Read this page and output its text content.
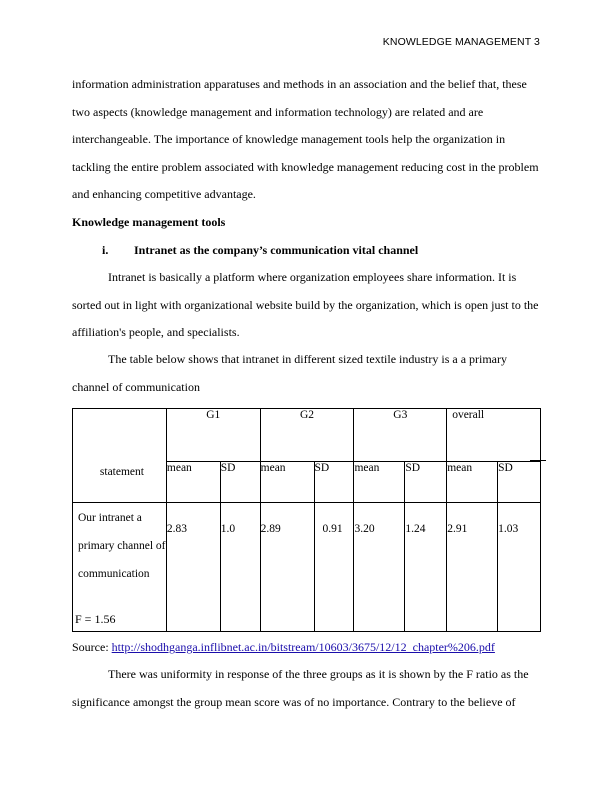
KNOWLEDGE MANAGEMENT 3
information administration apparatuses and methods in an association and the belief that, these two aspects (knowledge management and information technology) are related and are interchangeable. The importance of knowledge management tools help the organization in tackling the entire problem associated with knowledge management reducing cost in the problem and enhancing competitive advantage.
Knowledge management tools
i. Intranet as the company’s communication vital channel
Intranet is basically a platform where organization employees share information. It is sorted out in light with organizational website build by the organization, which is open just to the affiliation's people, and specialists.
The table below shows that intranet in different sized textile industry is a a primary channel of communication
statement	G1		G2		G3		overall	
	mean	SD	mean	SD	mean	SD	mean	SD
Our intranet a primary channel of communication	2.83	1.0	2.89	0.91	3.20	1.24	2.91	1.03
F = 1.56
Source: http://shodhganga.inflibnet.ac.in/bitstream/10603/3675/12/12_chapter%206.pdf
There was uniformity in response of the three groups as it is shown by the F ratio as the significance amongst the group mean score was of no importance. Contrary to the believe of
